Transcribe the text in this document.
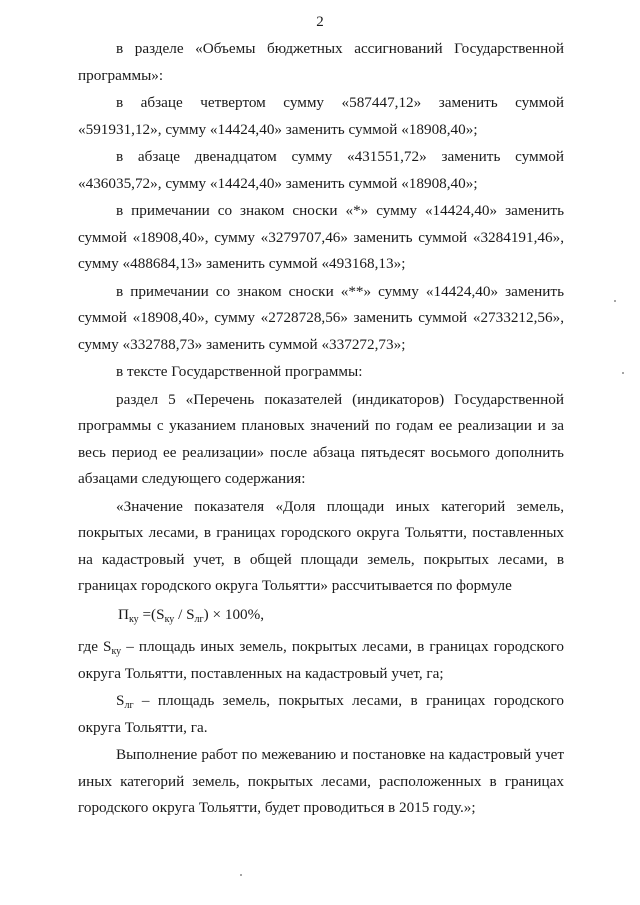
2

в разделе «Объемы бюджетных ассигнований Государственной программы»:

в абзаце четвертом сумму «587447,12» заменить суммой «591931,12», сумму «14424,40» заменить суммой «18908,40»;

в абзаце двенадцатом сумму «431551,72» заменить суммой «436035,72», сумму «14424,40» заменить суммой «18908,40»;

в примечании со знаком сноски «*» сумму «14424,40» заменить суммой «18908,40», сумму «3279707,46» заменить суммой «3284191,46», сумму «488684,13» заменить суммой «493168,13»;

в примечании со знаком сноски «**» сумму «14424,40» заменить суммой «18908,40», сумму «2728728,56» заменить суммой «2733212,56», сумму «332788,73» заменить суммой «337272,73»;

в тексте Государственной программы:

раздел 5 «Перечень показателей (индикаторов) Государственной программы с указанием плановых значений по годам ее реализации и за весь период ее реализации» после абзаца пятьдесят восьмого дополнить абзацами следующего содержания:

«Значение показателя «Доля площади иных категорий земель, покрытых лесами, в границах городского округа Тольятти, поставленных на кадастровый учет, в общей площади земель, покрытых лесами, в границах городского округа Тольятти» рассчитывается по формуле

$П_{ку} =(S_{ку} / S_{лг}) \times 100\%$,

где $S_{ку}$ – площадь иных земель, покрытых лесами, в границах городского округа Тольятти, поставленных на кадастровый учет, га;

$S_{лг}$ – площадь земель, покрытых лесами, в границах городского округа Тольятти, га.

Выполнение работ по межеванию и постановке на кадастровый учет иных категорий земель, покрытых лесами, расположенных в границах городского округа Тольятти, будет проводиться в 2015 году.»;
